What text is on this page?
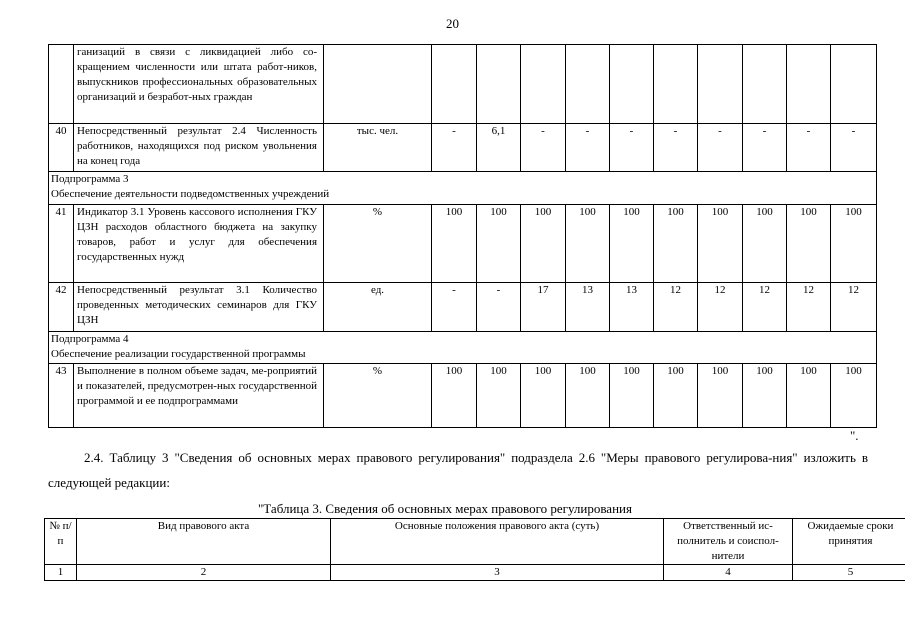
20
	ганизаций в связи с ликвидацией либо со-кращением численности или штата работ-ников, выпускников профессиональных образовательных организаций и безработ-ных граждан											
40	Непосредственный результат 2.4 Численность работников, находящихся под риском увольнения на конец года	тыс. чел.	-	6,1	-	-	-	-	-	-	-	-
Подпрограмма 3
Обеспечение деятельности подведомственных учреждений												
41	Индикатор 3.1 Уровень кассового исполнения ГКУ ЦЗН расходов областного бюджета на закупку товаров, работ и услуг для обеспечения государственных нужд	%	100	100	100	100	100	100	100	100	100	100
42	Непосредственный результат 3.1 Количество проведенных методических семинаров для ГКУ ЦЗН	ед.	-	-	17	13	13	12	12	12	12	12
Подпрограмма 4
Обеспечение реализации государственной программы												
43	Выполнение в полном объеме задач, ме-роприятий и показателей, предусмотрен-ных государственной программой и ее подпрограммами	%	100	100	100	100	100	100	100	100	100	100
".
2.4. Таблицу 3 "Сведения об основных мерах правового регулирования" подраздела 2.6 "Меры правового регулирова-ния" изложить в следующей редакции:
"Таблица 3. Сведения об основных мерах правового регулирования
№ п/п	Вид правового акта	Основные положения правового акта (суть)	Ответственный ис-полнитель и соиспол-нители	Ожидаемые сроки принятия
1	2	3	4	5
